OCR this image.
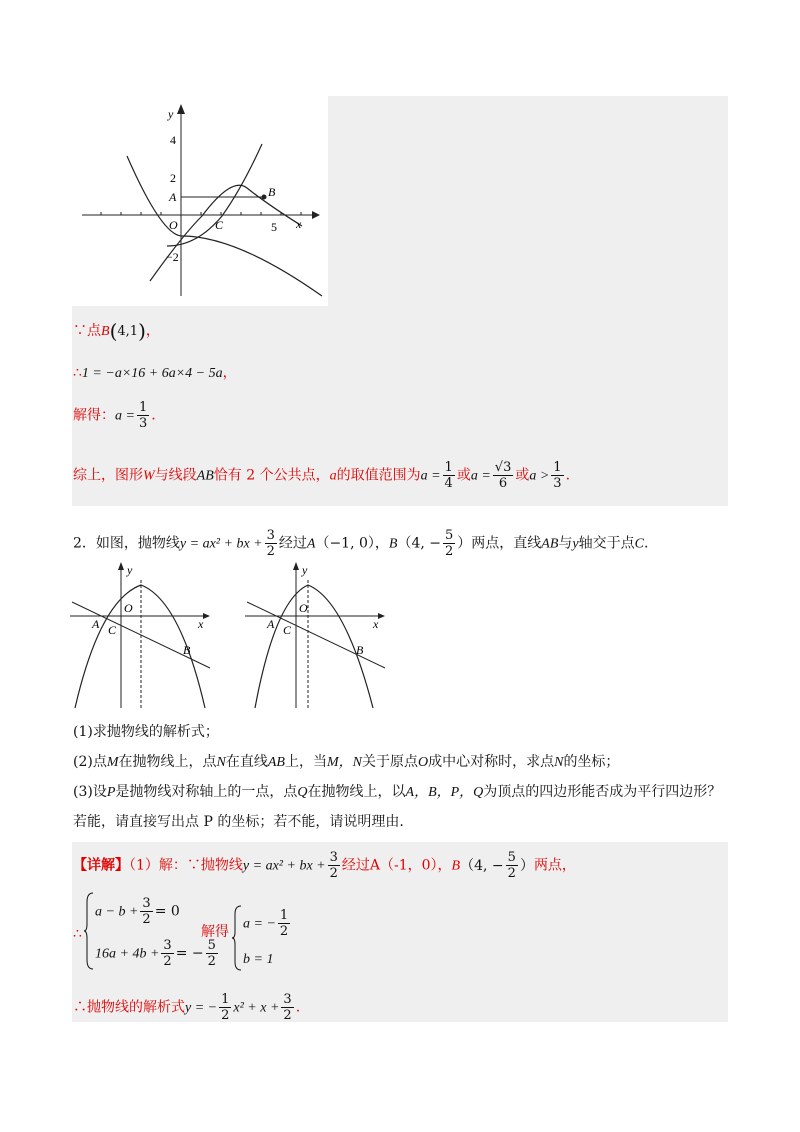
y
x
4
2
A	B
O	C	5
−2
∵点B(4,1)，
∴1 = −a×16 + 6a×4 − 5a，
解得：$a = \frac{1}{3}$ .
综上，图形W与线段AB恰有 2 个公共点，a的取值范围为$a = \frac{1}{4}$ 或$a = \frac{√3}{6}$ 或$a > \frac{1}{3}$ .
2．如图，抛物线y = ax² + bx + $\frac{3}{2}$ 经过A（−1, 0），B（4, − $\frac{5}{2}$ ）两点，直线AB与y轴交于点C.
y
x
O
A C
B
y
x
O
A C
B
(1)求抛物线的解析式；
(2)点M在抛物线上，点N在直线AB上，当M，N关于原点O成中心对称时，求点N的坐标；
(3)设P是抛物线对称轴上的一点，点Q在抛物线上，以A，B，P，Q为顶点的四边形能否成为平行四边形？
若能，请直接写出点 P 的坐标；若不能，请说明理由.
【详解】（1）解：∵抛物线y = ax² + bx + $\frac{3}{2}$ 经过A（-1，0），B（4, − $\frac{5}{2}$ ）两点，
∴
$a - b + \frac{3}{2} = 0$
$16a + 4b + \frac{3}{2}$ = − $\frac{5}{2}$
解得 a = − $\frac{1}{2}$
b = 1
∴抛物线的解析式y = − $\frac{1}{2} x^2 + x + \frac{3}{2}$ .
